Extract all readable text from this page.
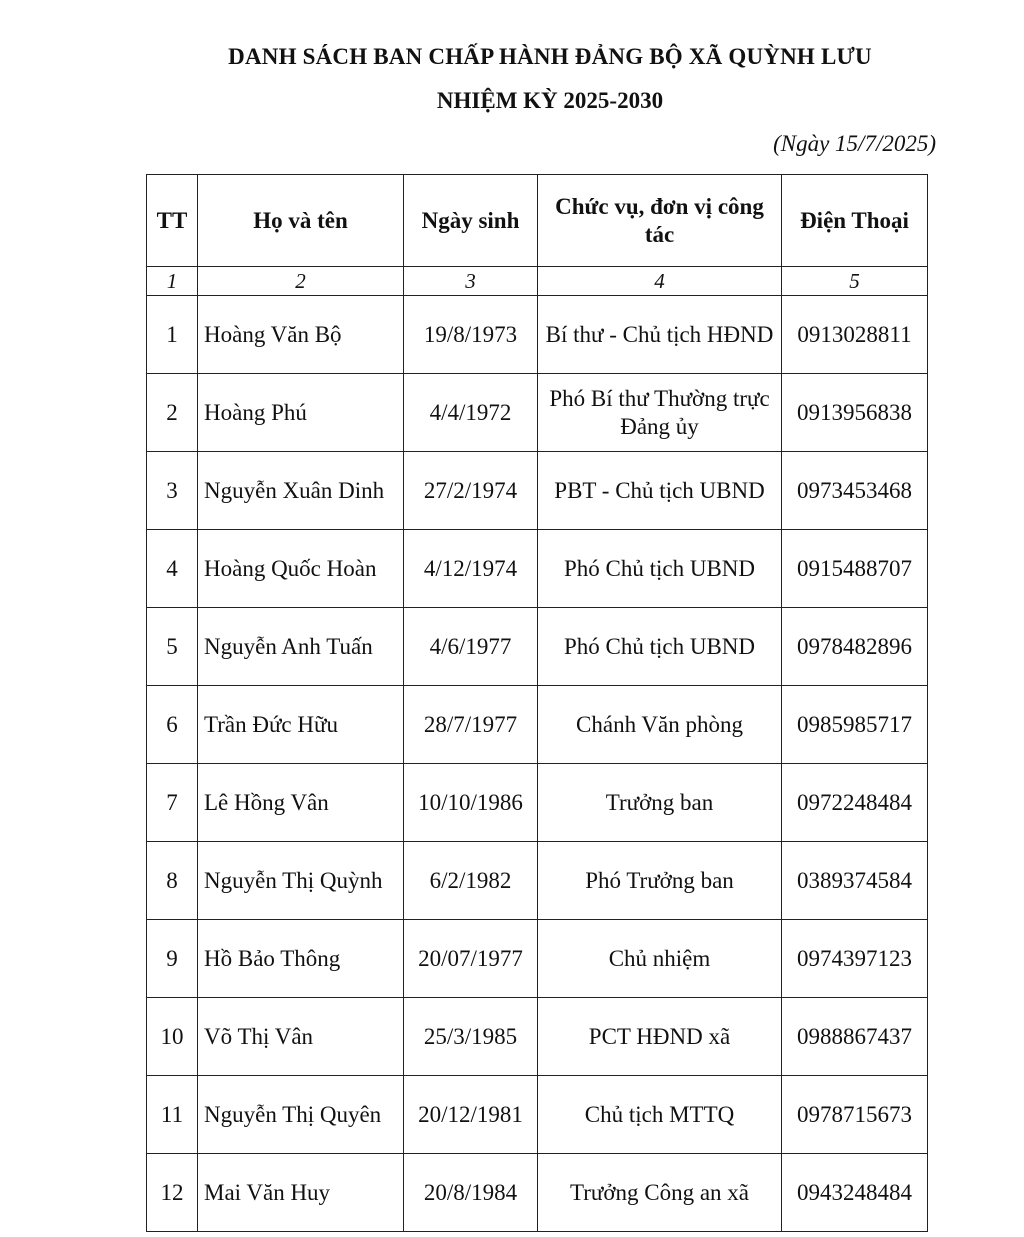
DANH SÁCH BAN CHẤP HÀNH ĐẢNG BỘ XÃ QUỲNH LƯU
NHIỆM KỲ 2025-2030
(Ngày 15/7/2025)
TT	Họ và tên	Ngày sinh	Chức vụ, đơn vị công tác	Điện Thoại
1	2	3	4	5
1	Hoàng Văn Bộ	19/8/1973	Bí thư - Chủ tịch HĐND	0913028811
2	Hoàng Phú	4/4/1972	Phó Bí thư Thường trực Đảng ủy	0913956838
3	Nguyễn Xuân Dinh	27/2/1974	PBT - Chủ tịch UBND	0973453468
4	Hoàng Quốc Hoàn	4/12/1974	Phó Chủ tịch UBND	0915488707
5	Nguyễn Anh Tuấn	4/6/1977	Phó Chủ tịch UBND	0978482896
6	Trần Đức Hữu	28/7/1977	Chánh Văn phòng	0985985717
7	Lê Hồng Vân	10/10/1986	Trưởng ban	0972248484
8	Nguyễn Thị Quỳnh	6/2/1982	Phó Trưởng ban	0389374584
9	Hồ Bảo Thông	20/07/1977	Chủ nhiệm	0974397123
10	Võ Thị Vân	25/3/1985	PCT HĐND xã	0988867437
11	Nguyễn Thị Quyên	20/12/1981	Chủ tịch MTTQ	0978715673
12	Mai Văn Huy	20/8/1984	Trưởng Công an xã	0943248484
